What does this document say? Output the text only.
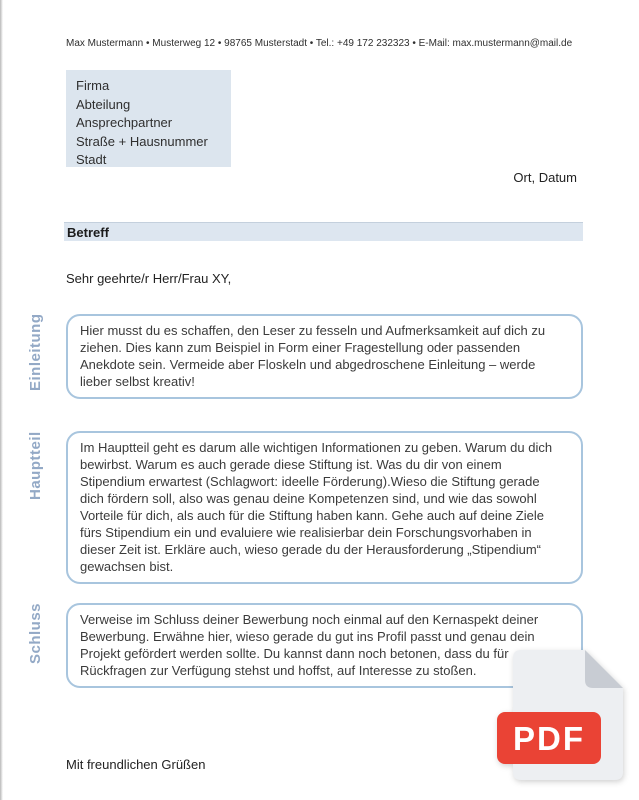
Max Mustermann • Musterweg 12 • 98765 Musterstadt • Tel.: +49 172 232323 • E-Mail: max.mustermann@mail.de
Firma
Abteilung
Ansprechpartner
Straße + Hausnummer
Stadt
Ort, Datum
Betreff
Sehr geehrte/r Herr/Frau XY,
Einleitung	Hier musst du es schaffen, den Leser zu fesseln und Aufmerksamkeit auf dich zu ziehen. Dies kann zum Beispiel in Form einer Fragestellung oder passenden Anekdote sein. Vermeide aber Floskeln und abgedroschene Einleitung – werde lieber selbst kreativ!

Hauptteil	Im Hauptteil geht es darum alle wichtigen Informationen zu geben. Warum du dich bewirbst. Warum es auch gerade diese Stiftung ist. Was du dir von einem Stipendium erwartest (Schlagwort: ideelle Förderung).Wieso die Stiftung gerade dich fördern soll, also was genau deine Kompetenzen sind, und wie das sowohl Vorteile für dich, als auch für die Stiftung haben kann. Gehe auch auf deine Ziele fürs Stipendium ein und evaluiere wie realisierbar dein Forschungsvorhaben in dieser Zeit ist. Erkläre auch, wieso gerade du der Herausforderung „Stipendium“ gewachsen bist.

Schluss	Verweise im Schluss deiner Bewerbung noch einmal auf den Kernaspekt deiner Bewerbung. Erwähne hier, wieso gerade du gut ins Profil passt und genau dein Projekt gefördert werden sollte. Du kannst dann noch betonen, dass du für Rückfragen zur Verfügung stehst und hoffst, auf Interesse zu stoßen.

Mit freundlichen Grüßen
PDF
